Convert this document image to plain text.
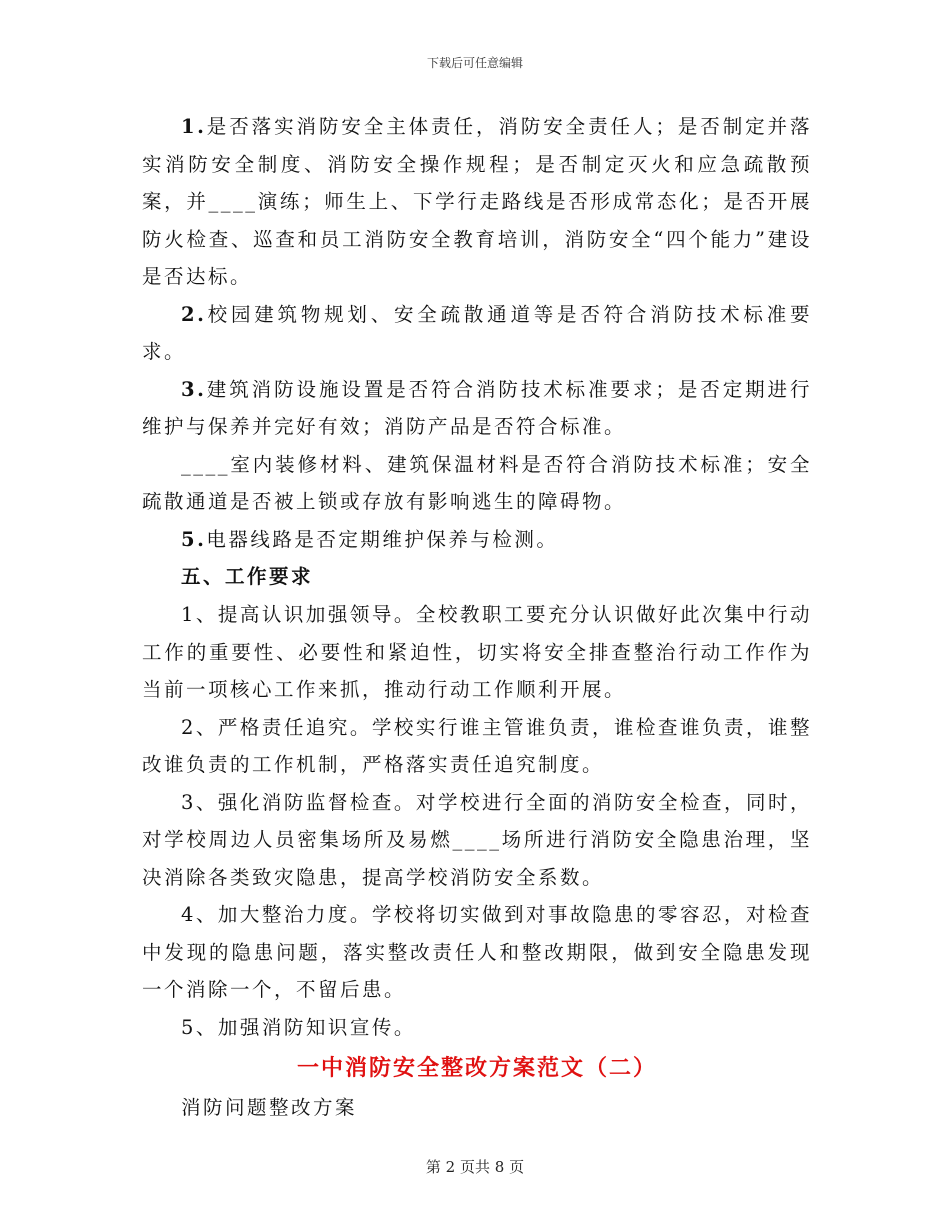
下载后可任意编辑

1.是否落实消防安全主体责任，消防安全责任人；是否制定并落实消防安全制度、消防安全操作规程；是否制定灭火和应急疏散预案，并____演练；师生上、下学行走路线是否形成常态化；是否开展防火检查、巡查和员工消防安全教育培训，消防安全“四个能力”建设是否达标。

2.校园建筑物规划、安全疏散通道等是否符合消防技术标准要求。

3.建筑消防设施设置是否符合消防技术标准要求；是否定期进行维护与保养并完好有效；消防产品是否符合标准。

____室内装修材料、建筑保温材料是否符合消防技术标准；安全疏散通道是否被上锁或存放有影响逃生的障碍物。

5.电器线路是否定期维护保养与检测。

五、工作要求

1、提高认识加强领导。全校教职工要充分认识做好此次集中行动工作的重要性、必要性和紧迫性，切实将安全排查整治行动工作作为当前一项核心工作来抓，推动行动工作顺利开展。

2、严格责任追究。学校实行谁主管谁负责，谁检查谁负责，谁整改谁负责的工作机制，严格落实责任追究制度。

3、强化消防监督检查。对学校进行全面的消防安全检查，同时，对学校周边人员密集场所及易燃____场所进行消防安全隐患治理，坚决消除各类致灾隐患，提高学校消防安全系数。

4、加大整治力度。学校将切实做到对事故隐患的零容忍，对检查中发现的隐患问题，落实整改责任人和整改期限，做到安全隐患发现一个消除一个，不留后患。

5、加强消防知识宣传。

一中消防安全整改方案范文（二）

消防问题整改方案

第 2 页共 8 页
